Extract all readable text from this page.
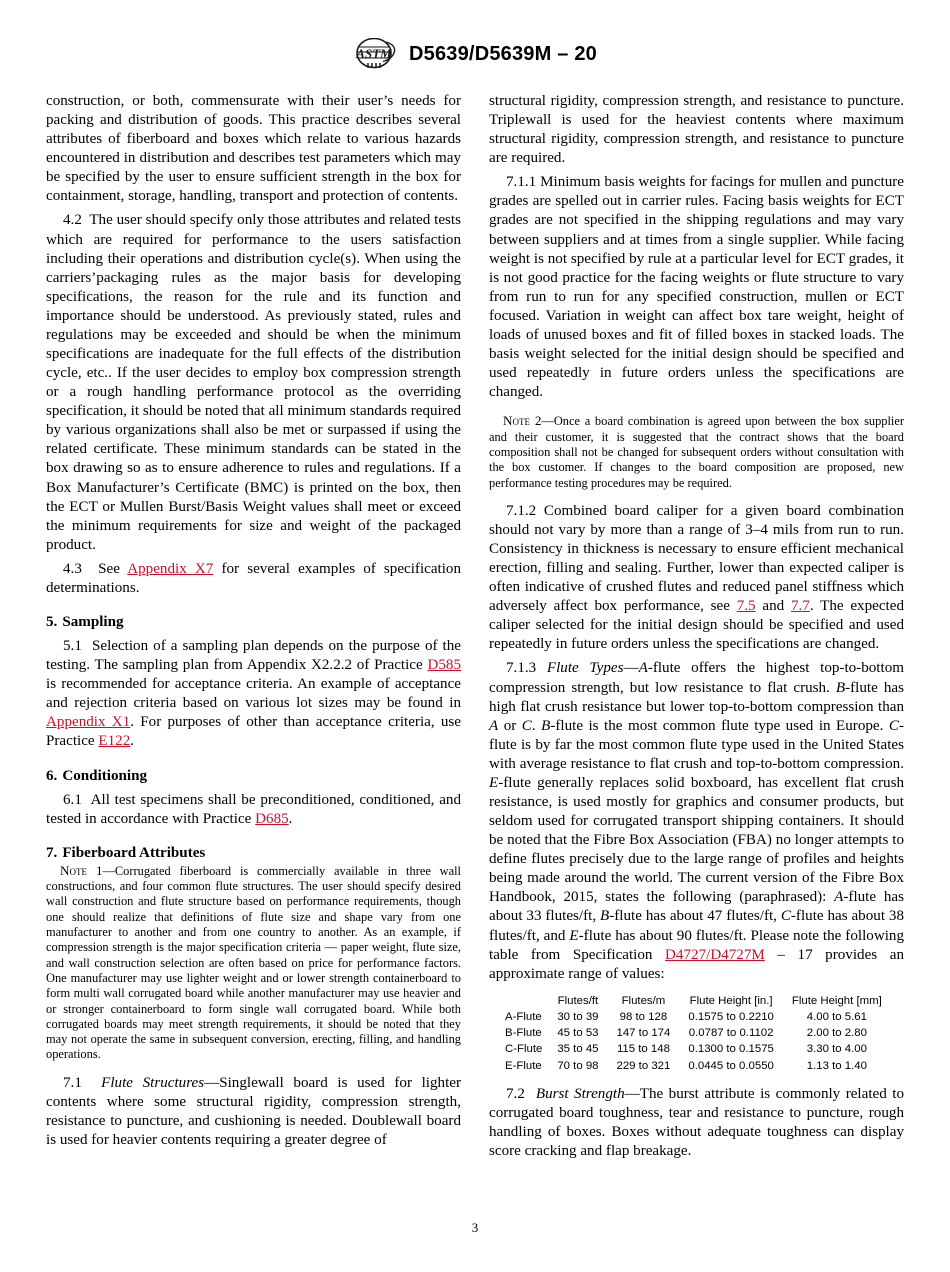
ASTM D5639/D5639M – 20

construction, or both, commensurate with their user’s needs for packing and distribution of goods. This practice describes several attributes of fiberboard and boxes which relate to various hazards encountered in distribution and describes test parameters which may be specified by the user to ensure sufficient strength in the box for containment, storage, handling, transport and protection of contents.

4.2 The user should specify only those attributes and related tests which are required for performance to the users satisfaction including their operations and distribution cycle(s). When using the carriers’packaging rules as the major basis for developing specifications, the reason for the rule and its function and importance should be understood. As previously stated, rules and regulations may be exceeded and should be when the minimum specifications are inadequate for the full effects of the distribution cycle, etc.. If the user decides to employ box compression strength or a rough handling performance protocol as the overriding specification, it should be noted that all minimum standards required by various organizations shall also be met or surpassed if using the related certificate. These minimum standards can be stated in the box drawing so as to ensure adherence to rules and regulations. If a Box Manufacturer’s Certificate (BMC) is printed on the box, then the ECT or Mullen Burst/Basis Weight values shall meet or exceed the minimum requirements for size and weight of the packaged product.

4.3 See Appendix X7 for several examples of specification determinations.

5. Sampling

5.1 Selection of a sampling plan depends on the purpose of the testing. The sampling plan from Appendix X2.2.2 of Practice D585 is recommended for acceptance criteria. An example of acceptance and rejection criteria based on various lot sizes may be found in Appendix X1. For purposes of other than acceptance criteria, use Practice E122.

6. Conditioning

6.1 All test specimens shall be preconditioned, conditioned, and tested in accordance with Practice D685.

7. Fiberboard Attributes

Note 1—Corrugated fiberboard is commercially available in three wall constructions, and four common flute structures. The user should specify desired wall construction and flute structure based on performance requirements, though one should realize that definitions of flute size and shape vary from one manufacturer to another and from one country to another. As an example, if compression strength is the major specification criteria — paper weight, flute size, and wall construction selection are often based on price for performance factors. One manufacturer may use lighter weight and or lower strength containerboard to form multi wall corrugated board while another manufacturer may use heavier and or stronger containerboard to form single wall corrugated board. While both corrugated boards may meet strength requirements, it should be noted that they may not operate the same in subsequent conversion, erecting, filling, and handling operations.

7.1 Flute Structures—Singlewall board is used for lighter contents where some structural rigidity, compression strength, resistance to puncture, and cushioning is needed. Doublewall board is used for heavier contents requiring a greater degree of

structural rigidity, compression strength, and resistance to puncture. Triplewall is used for the heaviest contents where maximum structural rigidity, compression strength, and resistance to puncture are required.

7.1.1 Minimum basis weights for facings for mullen and puncture grades are spelled out in carrier rules. Facing basis weights for ECT grades are not specified in the shipping regulations and may vary between suppliers and at times from a single supplier. While facing weight is not specified by rule at a particular level for ECT grades, it is not good practice for the facing weights or flute structure to vary from run to run for any specified construction, mullen or ECT focused. Variation in weight can affect box tare weight, height of loads of unused boxes and fit of filled boxes in stacked loads. The basis weight selected for the initial design should be specified and used repeatedly in future orders unless the specifications are changed.

Note 2—Once a board combination is agreed upon between the box supplier and their customer, it is suggested that the contract shows that the board composition shall not be changed for subsequent orders without consultation with the box customer. If changes to the board composition are proposed, new performance testing procedures may be required.

7.1.2 Combined board caliper for a given board combination should not vary by more than a range of 3–4 mils from run to run. Consistency in thickness is necessary to ensure efficient mechanical erection, filling and sealing. Further, lower than expected caliper is often indicative of crushed flutes and reduced panel stiffness which adversely affect box performance, see 7.5 and 7.7. The expected caliper selected for the initial design should be specified and used repeatedly in future orders unless the specifications are changed.

7.1.3 Flute Types—A-flute offers the highest top-to-bottom compression strength, but low resistance to flat crush. B-flute has high flat crush resistance but lower top-to-bottom compression than A or C. B-flute is the most common flute type used in Europe. C-flute is by far the most common flute type used in the United States with average resistance to flat crush and top-to-bottom compression. E-flute generally replaces solid boxboard, has excellent flat crush resistance, is used mostly for graphics and consumer products, but seldom used for corrugated transport shipping containers. It should be noted that the Fibre Box Association (FBA) no longer attempts to define flutes precisely due to the large range of profiles and heights being made around the world. The current version of the Fibre Box Handbook, 2015, states the following (paraphrased): A-flute has about 33 flutes/ft, B-flute has about 47 flutes/ft, C-flute has about 38 flutes/ft, and E-flute has about 90 flutes/ft. Please note the following table from Specification D4727/D4727M – 17 provides an approximate range of values:

	Flutes/ft	Flutes/m	Flute Height [in.]	Flute Height [mm]
A-Flute	30 to 39	98 to 128	0.1575 to 0.2210	4.00 to 5.61
B-Flute	45 to 53	147 to 174	0.0787 to 0.1102	2.00 to 2.80
C-Flute	35 to 45	115 to 148	0.1300 to 0.1575	3.30 to 4.00
E-Flute	70 to 98	229 to 321	0.0445 to 0.0550	1.13 to 1.40

7.2 Burst Strength—The burst attribute is commonly related to corrugated board toughness, tear and resistance to puncture, rough handling of boxes. Boxes without adequate toughness can display score cracking and flap breakage.

3
